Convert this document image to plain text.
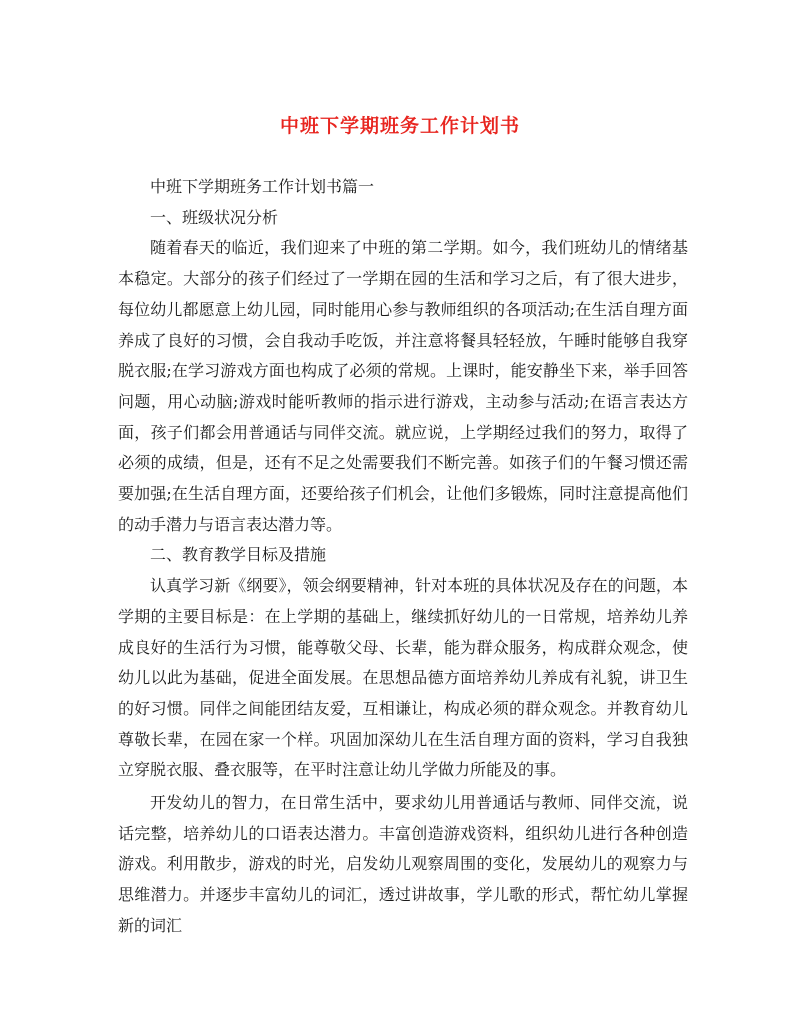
中班下学期班务工作计划书

中班下学期班务工作计划书篇一

一、班级状况分析

随着春天的临近，我们迎来了中班的第二学期。如今，我们班幼儿的情绪基本稳定。大部分的孩子们经过了一学期在园的生活和学习之后，有了很大进步，每位幼儿都愿意上幼儿园，同时能用心参与教师组织的各项活动;在生活自理方面养成了良好的习惯，会自我动手吃饭，并注意将餐具轻轻放，午睡时能够自我穿脱衣服;在学习游戏方面也构成了必须的常规。上课时，能安静坐下来，举手回答问题，用心动脑;游戏时能听教师的指示进行游戏，主动参与活动;在语言表达方面，孩子们都会用普通话与同伴交流。就应说，上学期经过我们的努力，取得了必须的成绩，但是，还有不足之处需要我们不断完善。如孩子们的午餐习惯还需要加强;在生活自理方面，还要给孩子们机会，让他们多锻炼，同时注意提高他们的动手潜力与语言表达潜力等。

二、教育教学目标及措施

认真学习新《纲要》，领会纲要精神，针对本班的具体状况及存在的问题，本学期的主要目标是：在上学期的基础上，继续抓好幼儿的一日常规，培养幼儿养成良好的生活行为习惯，能尊敬父母、长辈，能为群众服务，构成群众观念，使幼儿以此为基础，促进全面发展。在思想品德方面培养幼儿养成有礼貌，讲卫生的好习惯。同伴之间能团结友爱，互相谦让，构成必须的群众观念。并教育幼儿尊敬长辈，在园在家一个样。巩固加深幼儿在生活自理方面的资料，学习自我独立穿脱衣服、叠衣服等，在平时注意让幼儿学做力所能及的事。

开发幼儿的智力，在日常生活中，要求幼儿用普通话与教师、同伴交流，说话完整，培养幼儿的口语表达潜力。丰富创造游戏资料，组织幼儿进行各种创造游戏。利用散步，游戏的时光，启发幼儿观察周围的变化，发展幼儿的观察力与思维潜力。并逐步丰富幼儿的词汇，透过讲故事，学儿歌的形式，帮忙幼儿掌握新的词汇
